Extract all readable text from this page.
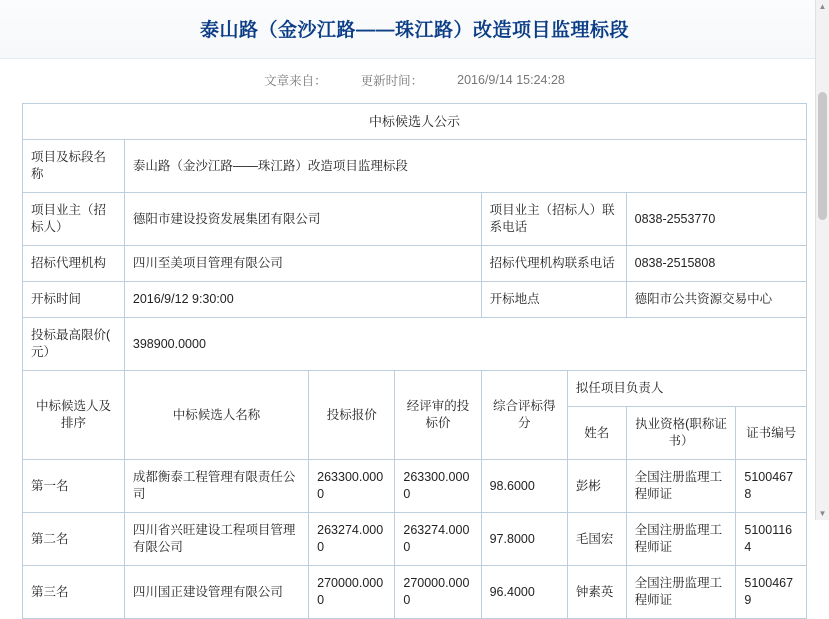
泰山路（金沙江路——珠江路）改造项目监理标段
文章来自：	更新时间：	2016/9/14 15:24:28
中标候选人公示							
项目及标段名称	泰山路（金沙江路——珠江路）改造项目监理标段						
项目业主（招标人）	德阳市建设投资发展集团有限公司			项目业主（招标人）联系电话		0838-2553770	
招标代理机构	四川至美项目管理有限公司			招标代理机构联系电话		0838-2515808	
开标时间	2016/9/12 9:30:00			开标地点		德阳市公共资源交易中心	
投标最高限价( 元）	398900.0000						
中标候选人及排序	中标候选人名称	投标报价	经评审的投标价	综合评标得分	拟任项目负责人		
					姓名	执业资格(职称证书）	证书编号
第一名	成都衡泰工程管理有限责任公司	263300.0000	263300.0000	98.6000	彭彬	全国注册监理工程师证	51004678
第二名	四川省兴旺建设工程项目管理有限公司	263274.0000	263274.0000	97.8000	毛国宏	全国注册监理工程师证	51001164
第三名	四川国正建设管理有限公司	270000.0000	270000.0000	96.4000	钟素英	全国注册监理工程师证	51004679
▲
▼
